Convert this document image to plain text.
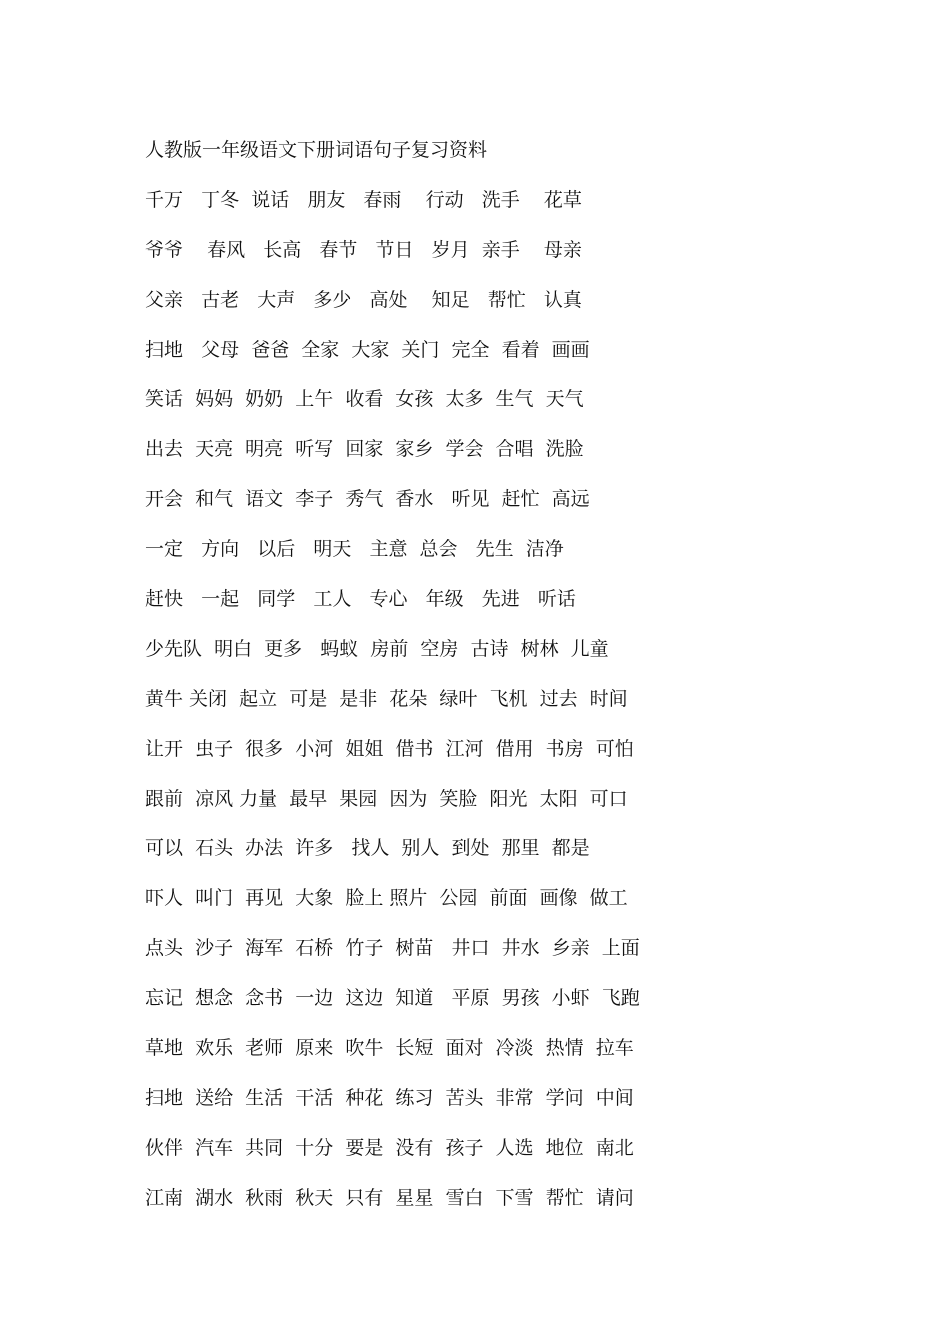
人教版一年级语文下册词语句子复习资料

千万   丁冬  说话   朋友   春雨    行动   洗手    花草

爷爷    春风   长高   春节   节日   岁月  亲手    母亲

父亲   古老   大声   多少   高处    知足   帮忙   认真

扫地   父母  爸爸  全家  大家  关门  完全  看着  画画

笑话  妈妈  奶奶  上午  收看  女孩  太多  生气  天气

出去  天亮  明亮  听写  回家  家乡  学会  合唱  洗脸

开会  和气  语文  李子  秀气  香水   听见  赶忙  高远

一定   方向   以后   明天   主意  总会   先生  洁净

赶快   一起   同学   工人   专心   年级   先进   听话

少先队  明白  更多   蚂蚁  房前  空房  古诗  树林  儿童

黄牛 关闭  起立  可是  是非  花朵  绿叶  飞机  过去  时间

让开  虫子  很多  小河  姐姐  借书  江河  借用  书房  可怕

跟前  凉风 力量  最早  果园  因为  笑脸  阳光  太阳  可口

可以  石头  办法  许多   找人  别人  到处  那里  都是

吓人  叫门  再见  大象  脸上 照片  公园  前面  画像  做工

点头  沙子  海军  石桥  竹子  树苗   井口  井水  乡亲  上面

忘记  想念  念书  一边  这边  知道   平原  男孩  小虾  飞跑

草地  欢乐  老师  原来  吹牛  长短  面对  冷淡  热情  拉车

扫地  送给  生活  干活  种花  练习  苦头  非常  学问  中间

伙伴  汽车  共同  十分  要是  没有  孩子  人选  地位  南北

江南  湖水  秋雨  秋天  只有  星星  雪白  下雪  帮忙  请问
